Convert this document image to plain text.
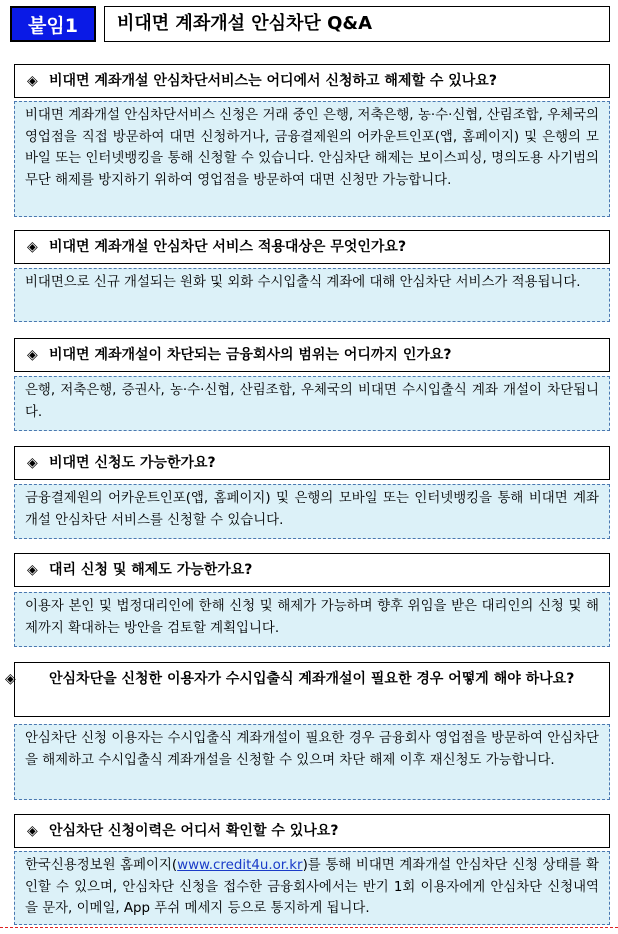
붙임1	비대면 계좌개설 안심차단 Q&A
◈ 비대면 계좌개설 안심차단서비스는 어디에서 신청하고 해제할 수 있나요?
비대면 계좌개설 안심차단서비스 신청은 거래 중인 은행, 저축은행, 농·수·신협, 산림조합, 우체국의 영업점을 직접 방문하여 대면 신청하거나, 금융결제원의 어카운트인포(앱, 홈페이지) 및 은행의 모바일 또는 인터넷뱅킹을 통해 신청할 수 있습니다. 안심차단 해제는 보이스피싱, 명의도용 사기범의 무단 해제를 방지하기 위하여 영업점을 방문하여 대면 신청만 가능합니다.
◈ 비대면 계좌개설 안심차단 서비스 적용대상은 무엇인가요?
비대면으로 신규 개설되는 원화 및 외화 수시입출식 계좌에 대해 안심차단 서비스가 적용됩니다.
◈ 비대면 계좌개설이 차단되는 금융회사의 범위는 어디까지 인가요?
은행, 저축은행, 증권사, 농·수·신협, 산림조합, 우체국의 비대면 수시입출식 계좌 개설이 차단됩니다.
◈ 비대면 신청도 가능한가요?
금융결제원의 어카운트인포(앱, 홈페이지) 및 은행의 모바일 또는 인터넷뱅킹을 통해 비대면 계좌개설 안심차단 서비스를 신청할 수 있습니다.
◈ 대리 신청 및 해제도 가능한가요?
이용자 본인 및 법정대리인에 한해 신청 및 해제가 가능하며 향후 위임을 받은 대리인의 신청 및 해제까지 확대하는 방안을 검토할 계획입니다.
◈ 안심차단을 신청한 이용자가 수시입출식 계좌개설이 필요한 경우 어떻게 해야 하나요?
안심차단 신청 이용자는 수시입출식 계좌개설이 필요한 경우 금융회사 영업점을 방문하여 안심차단을 해제하고 수시입출식 계좌개설을 신청할 수 있으며 차단 해제 이후 재신청도 가능합니다.
◈ 안심차단 신청이력은 어디서 확인할 수 있나요?
한국신용정보원 홈페이지(www.credit4u.or.kr)를 통해 비대면 계좌개설 안심차단 신청 상태를 확인할 수 있으며, 안심차단 신청을 접수한 금융회사에서는 반기 1회 이용자에게 안심차단 신청내역을 문자, 이메일, App 푸쉬 메세지 등으로 통지하게 됩니다.
